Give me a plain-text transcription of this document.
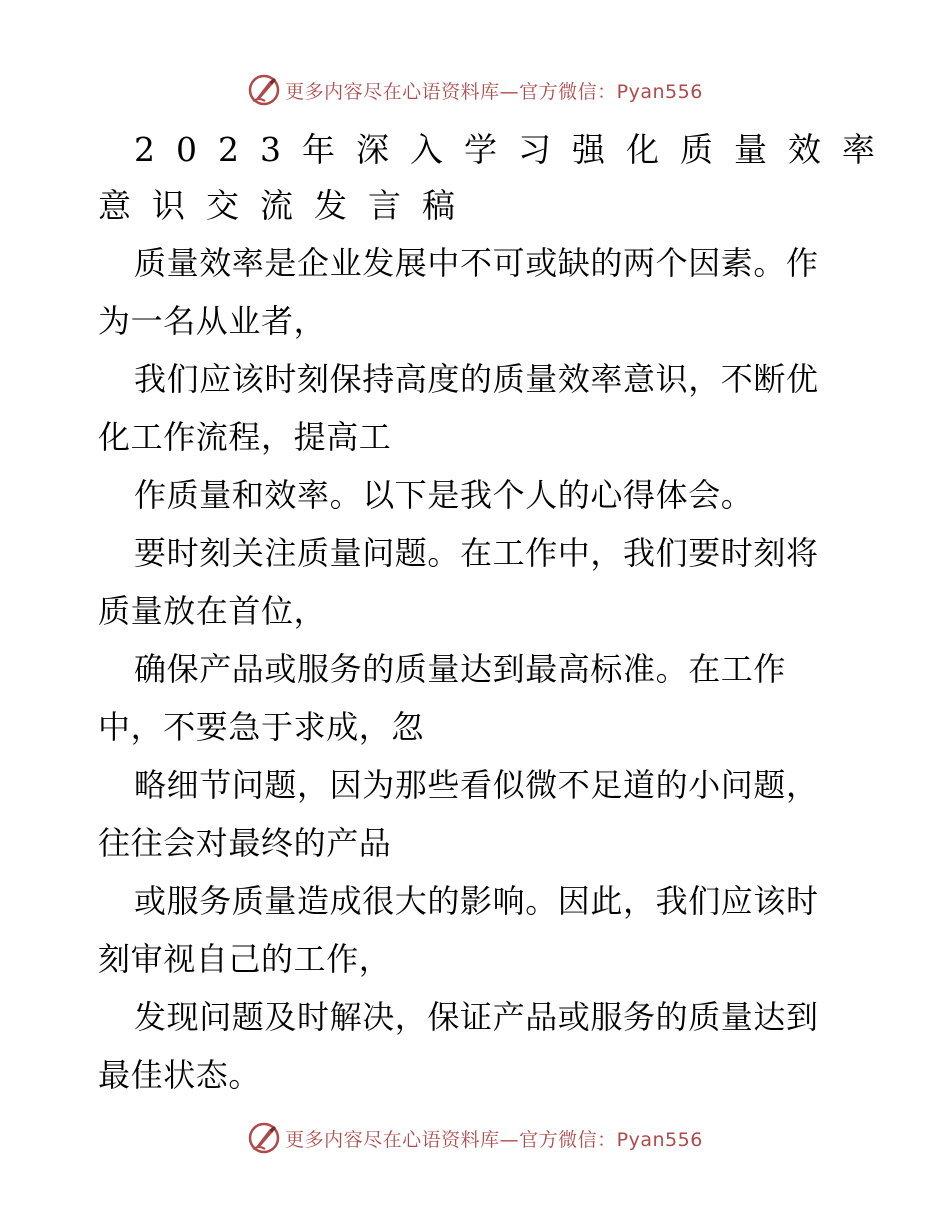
更多内容尽在心语资料库—官方微信：Pyan556
2023年深入学习强化质量效率
意识交流发言稿

质量效率是企业发展中不可或缺的两个因素。作
为一名从业者，

我们应该时刻保持高度的质量效率意识，不断优
化工作流程，提高工

作质量和效率。以下是我个人的心得体会。

要时刻关注质量问题。在工作中，我们要时刻将
质量放在首位，

确保产品或服务的质量达到最高标准。在工作
中，不要急于求成，忽

略细节问题，因为那些看似微不足道的小问题，
往往会对最终的产品

或服务质量造成很大的影响。因此，我们应该时
刻审视自己的工作，

发现问题及时解决，保证产品或服务的质量达到
最佳状态。

更多内容尽在心语资料库—官方微信：Pyan556
